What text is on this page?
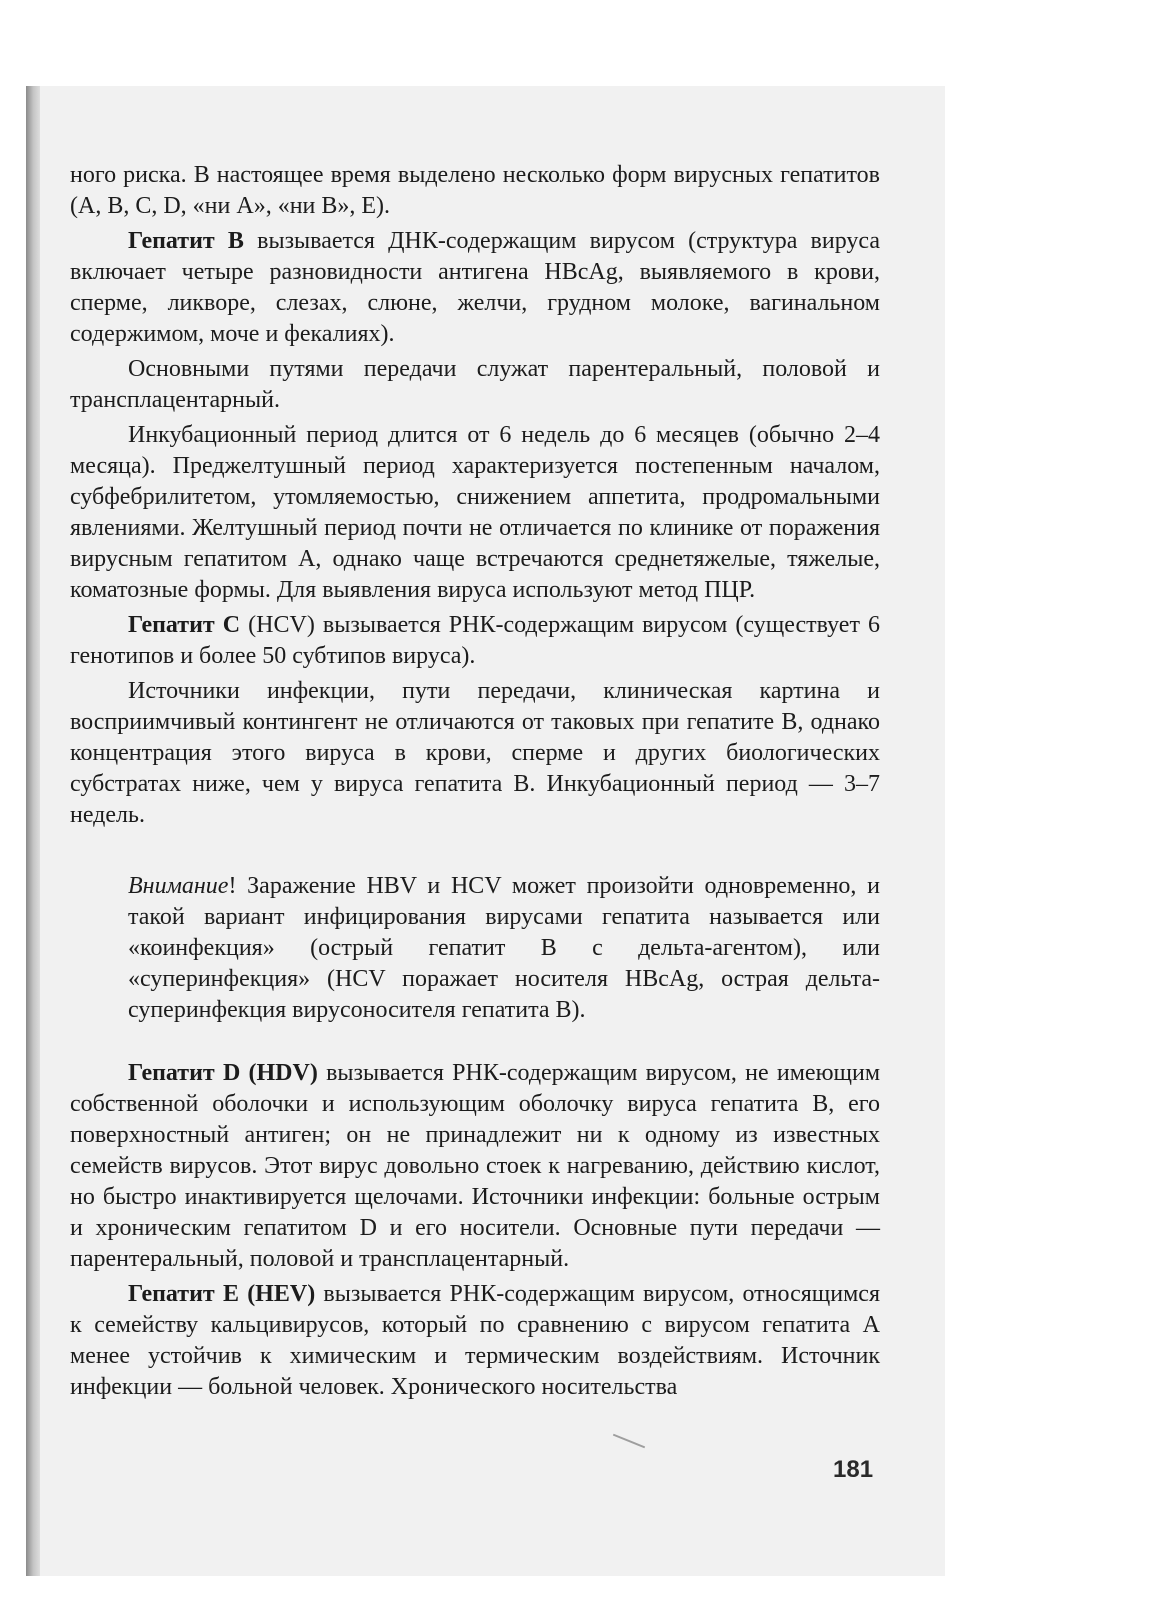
ного риска. В настоящее время выделено несколько форм вирусных гепатитов (А, В, С, D, «ни А», «ни В», Е).

Гепатит В вызывается ДНК-содержащим вирусом (структура вируса включает четыре разновидности антигена HBcAg, выявляемого в крови, сперме, ликворе, слезах, слюне, желчи, грудном молоке, вагинальном содержимом, моче и фекалиях).

Основными путями передачи служат парентеральный, половой и трансплацентарный.

Инкубационный период длится от 6 недель до 6 месяцев (обычно 2–4 месяца). Преджелтушный период характеризуется постепенным началом, субфебрилитетом, утомляемостью, снижением аппетита, продромальными явлениями. Желтушный период почти не отличается по клинике от поражения вирусным гепатитом А, однако чаще встречаются среднетяжелые, тяжелые, коматозные формы. Для выявления вируса используют метод ПЦР.

Гепатит С (HCV) вызывается РНК-содержащим вирусом (существует 6 генотипов и более 50 субтипов вируса).

Источники инфекции, пути передачи, клиническая картина и восприимчивый контингент не отличаются от таковых при гепатите В, однако концентрация этого вируса в крови, сперме и других биологических субстратах ниже, чем у вируса гепатита В. Инкубационный период — 3–7 недель.

Внимание! Заражение HBV и HCV может произойти одновременно, и такой вариант инфицирования вирусами гепатита называется или «коинфекция» (острый гепатит В с дельта-агентом), или «суперинфекция» (HCV поражает носителя HBcAg, острая дельта-суперинфекция вирусоносителя гепатита В).

Гепатит D (HDV) вызывается РНК-содержащим вирусом, не имеющим собственной оболочки и использующим оболочку вируса гепатита В, его поверхностный антиген; он не принадлежит ни к одному из известных семейств вирусов. Этот вирус довольно стоек к нагреванию, действию кислот, но быстро инактивируется щелочами. Источники инфекции: больные острым и хроническим гепатитом D и его носители. Основные пути передачи — парентеральный, половой и трансплацентарный.

Гепатит Е (HEV) вызывается РНК-содержащим вирусом, относящимся к семейству кальцивирусов, который по сравнению с вирусом гепатита А менее устойчив к химическим и термическим воздействиям. Источник инфекции — больной человек. Хронического носительства

181
